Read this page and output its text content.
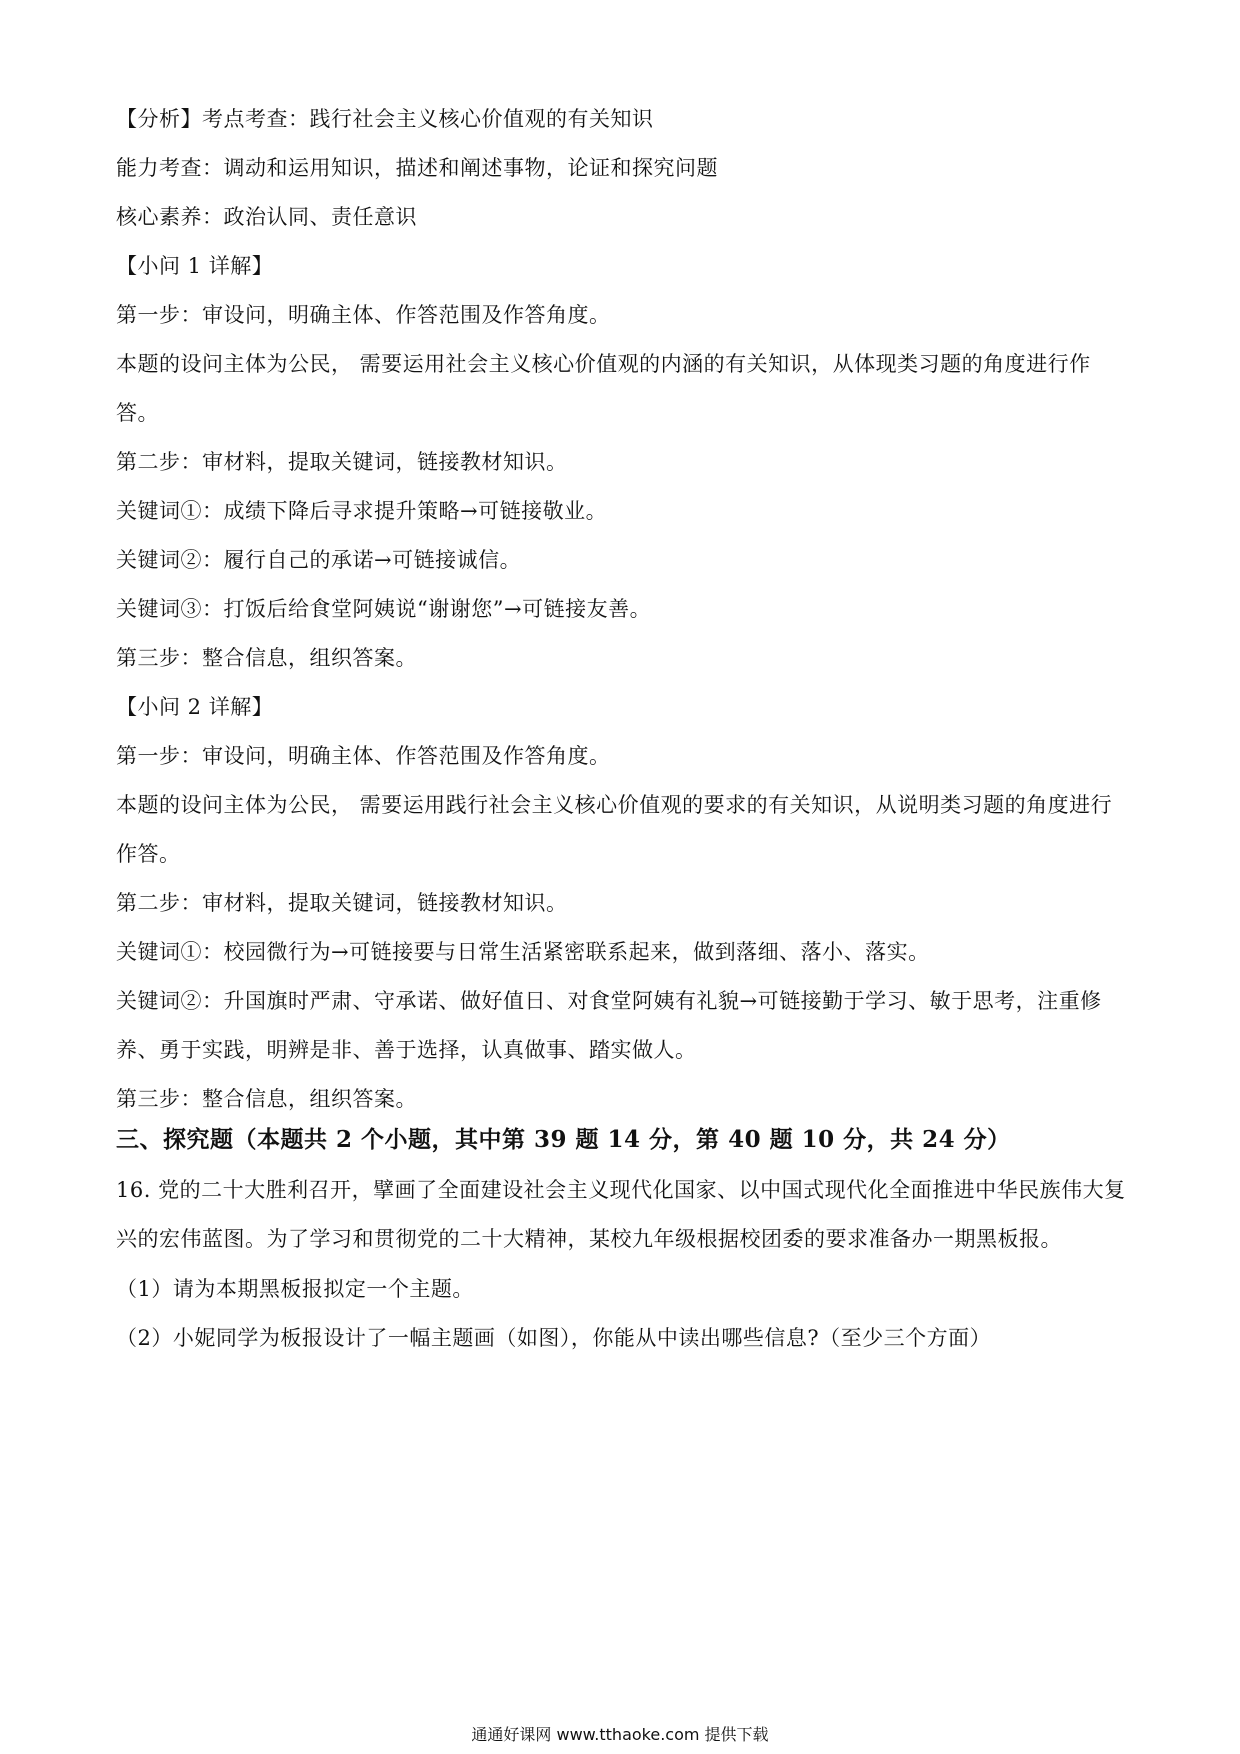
【分析】考点考查：践行社会主义核心价值观的有关知识
能力考查：调动和运用知识，描述和阐述事物，论证和探究问题
核心素养：政治认同、责任意识
【小问 1 详解】
第一步：审设问，明确主体、作答范围及作答角度。
本题的设问主体为公民， 需要运用社会主义核心价值观的内涵的有关知识，从体现类习题的角度进行作答。
第二步：审材料，提取关键词，链接教材知识。
关键词①：成绩下降后寻求提升策略→可链接敬业。
关键词②：履行自己的承诺→可链接诚信。
关键词③：打饭后给食堂阿姨说“谢谢您”→可链接友善。
第三步：整合信息，组织答案。
【小问 2 详解】
第一步：审设问，明确主体、作答范围及作答角度。
本题的设问主体为公民， 需要运用践行社会主义核心价值观的要求的有关知识，从说明类习题的角度进行作答。
第二步：审材料，提取关键词，链接教材知识。
关键词①：校园微行为→可链接要与日常生活紧密联系起来，做到落细、落小、落实。
关键词②：升国旗时严肃、守承诺、做好值日、对食堂阿姨有礼貌→可链接勤于学习、敏于思考，注重修养、勇于实践，明辨是非、善于选择，认真做事、踏实做人。
第三步：整合信息，组织答案。
三、探究题（本题共 2 个小题，其中第 39 题 14 分，第 40 题 10 分，共 24 分）
16. 党的二十大胜利召开，擘画了全面建设社会主义现代化国家、以中国式现代化全面推进中华民族伟大复兴的宏伟蓝图。为了学习和贯彻党的二十大精神，某校九年级根据校团委的要求准备办一期黑板报。
（1）请为本期黑板报拟定一个主题。
（2）小妮同学为板报设计了一幅主题画（如图），你能从中读出哪些信息?（至少三个方面）
通通好课网 www.tthaoke.com 提供下载
